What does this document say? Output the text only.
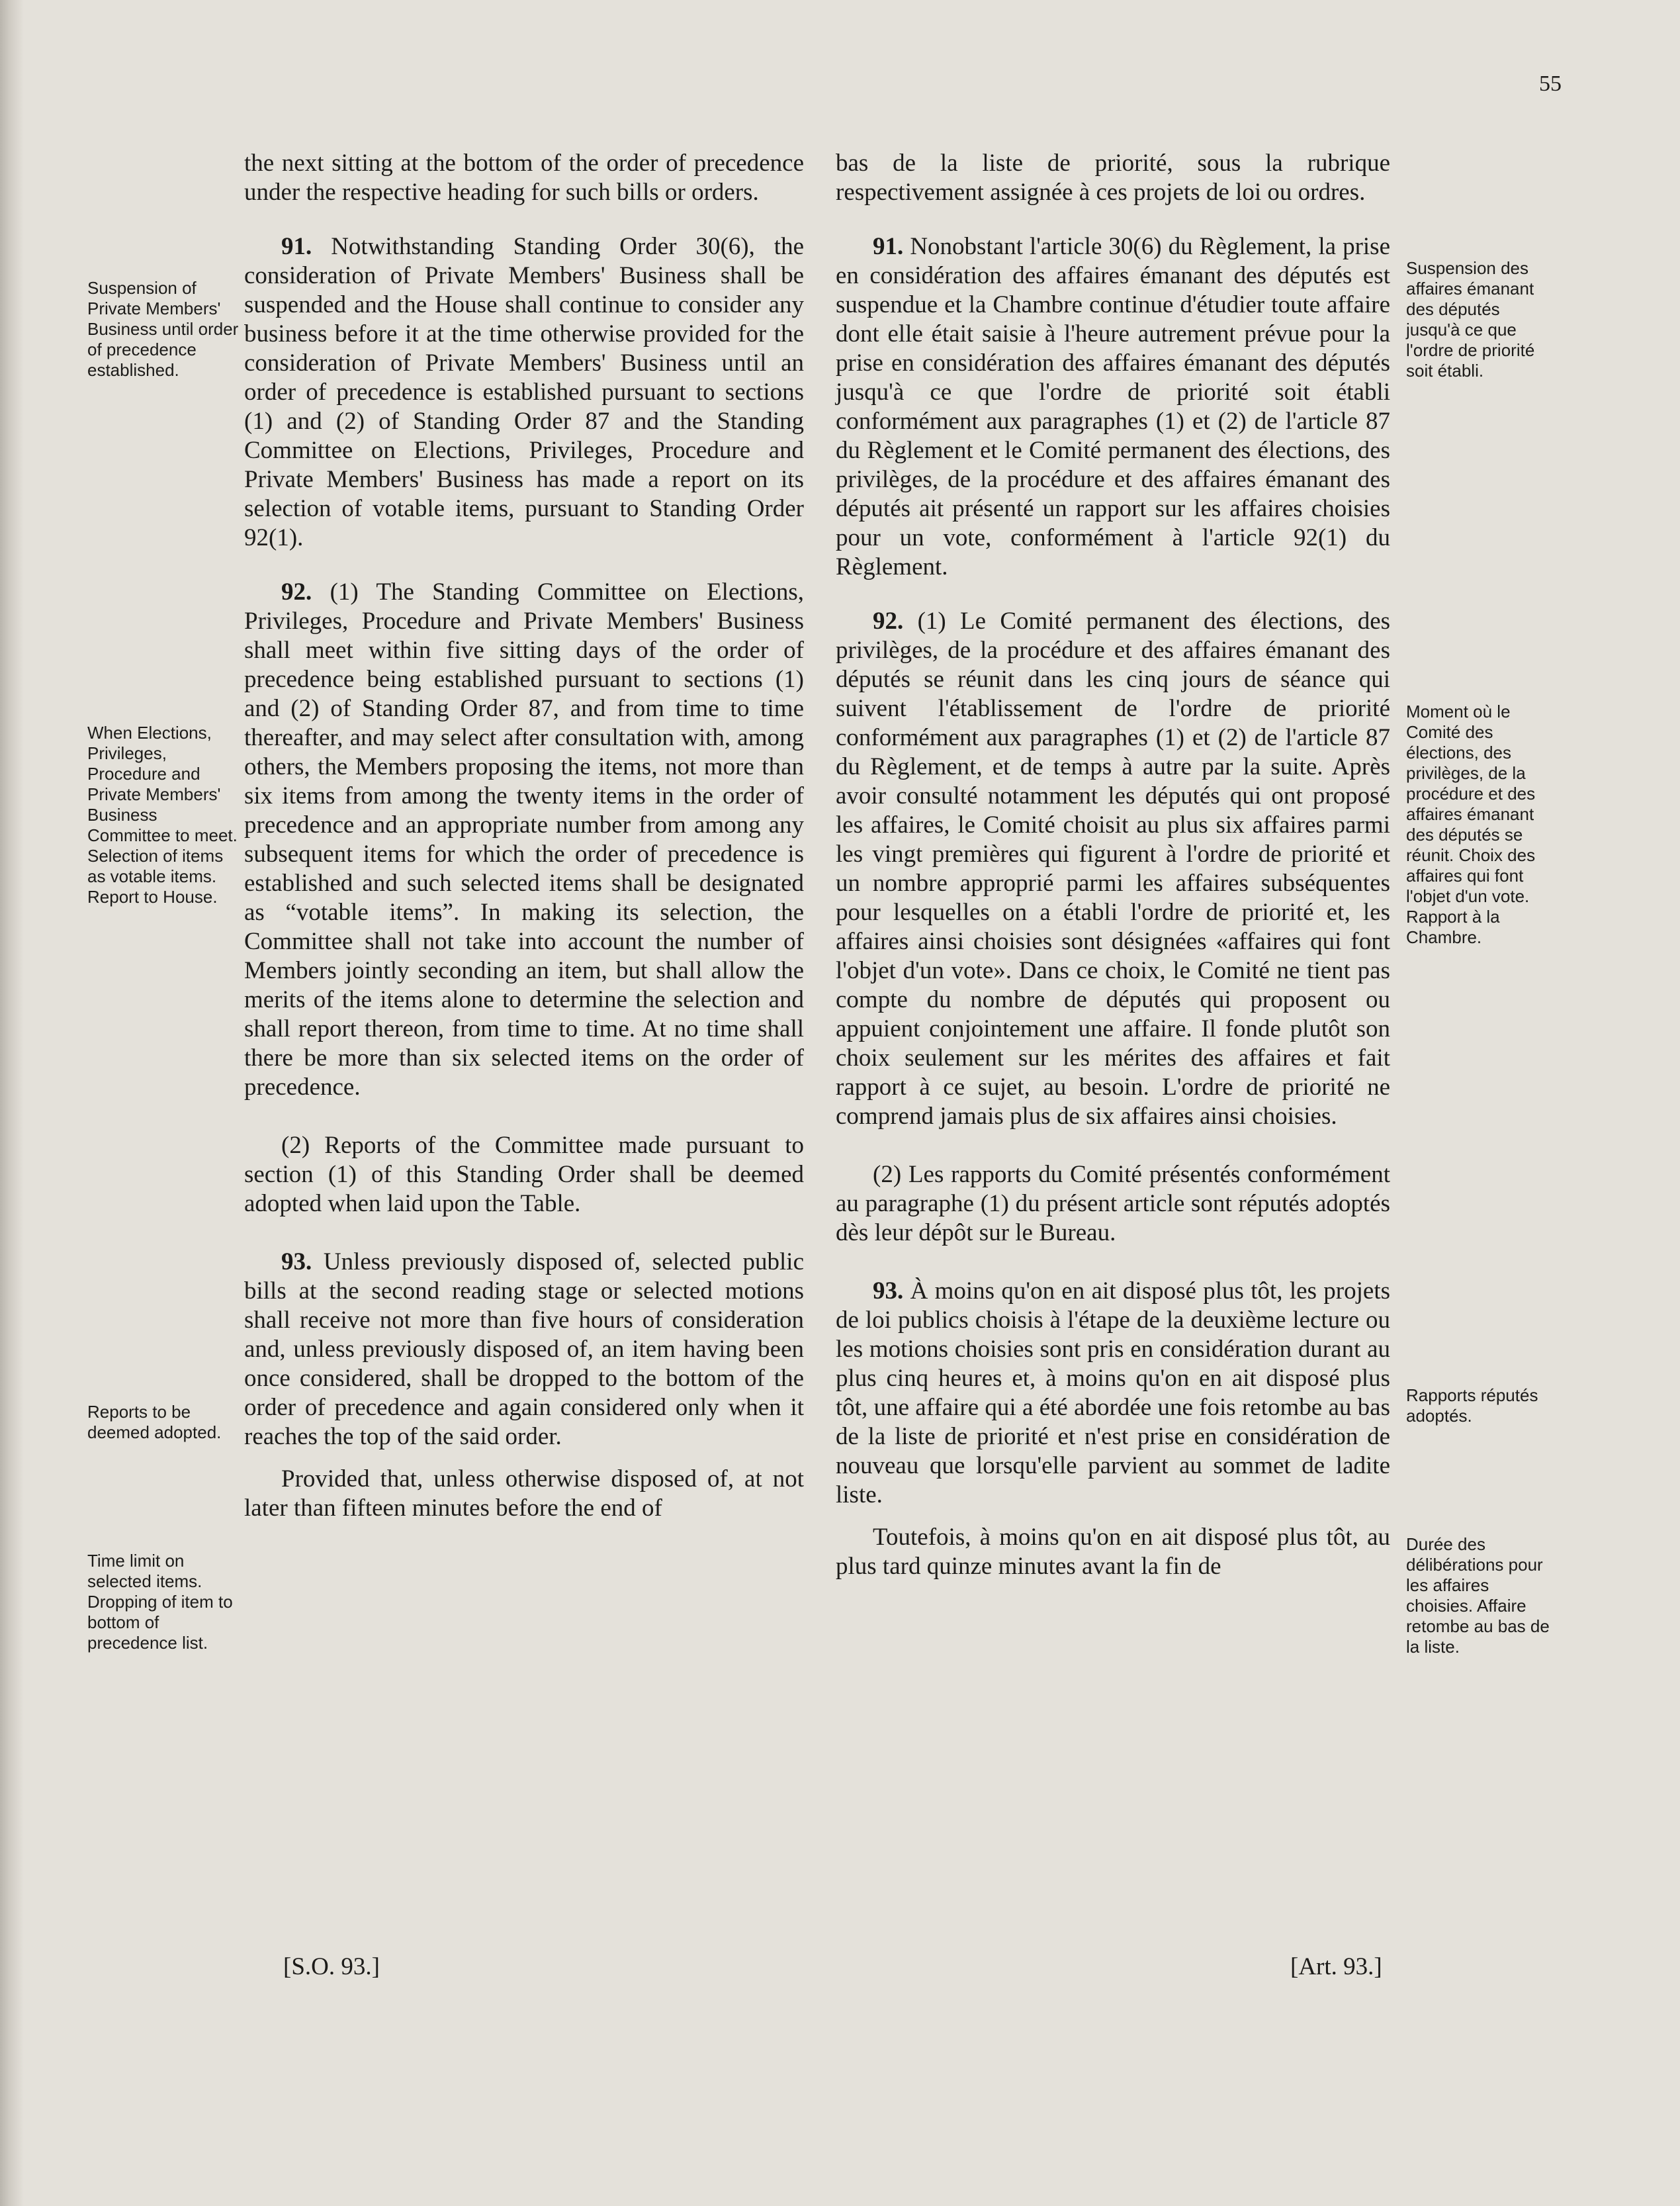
55

the next sitting at the bottom of the order of precedence under the respective heading for such bills or orders.

91. Notwithstanding Standing Order 30(6), the consideration of Private Members' Business shall be suspended and the House shall continue to consider any business before it at the time otherwise provided for the consideration of Private Members' Business until an order of precedence is established pursuant to sections (1) and (2) of Standing Order 87 and the Standing Committee on Elections, Privileges, Procedure and Private Members' Business has made a report on its selection of votable items, pursuant to Standing Order 92(1).

92. (1) The Standing Committee on Elections, Privileges, Procedure and Private Members' Business shall meet within five sitting days of the order of precedence being established pursuant to sections (1) and (2) of Standing Order 87, and from time to time thereafter, and may select after consultation with, among others, the Members proposing the items, not more than six items from among the twenty items in the order of precedence and an appropriate number from among any subsequent items for which the order of precedence is established and such selected items shall be designated as “votable items”. In making its selection, the Committee shall not take into account the number of Members jointly seconding an item, but shall allow the merits of the items alone to determine the selection and shall report thereon, from time to time. At no time shall there be more than six selected items on the order of precedence.

(2) Reports of the Committee made pursuant to section (1) of this Standing Order shall be deemed adopted when laid upon the Table.

93. Unless previously disposed of, selected public bills at the second reading stage or selected motions shall receive not more than five hours of consideration and, unless previously disposed of, an item having been once considered, shall be dropped to the bottom of the order of precedence and again considered only when it reaches the top of the said order.

Provided that, unless otherwise disposed of, at not later than fifteen minutes before the end of

bas de la liste de priorité, sous la rubrique respectivement assignée à ces projets de loi ou ordres.

91. Nonobstant l'article 30(6) du Règlement, la prise en considération des affaires émanant des députés est suspendue et la Chambre continue d'étudier toute affaire dont elle était saisie à l'heure autrement prévue pour la prise en considération des affaires émanant des députés jusqu'à ce que l'ordre de priorité soit établi conformément aux paragraphes (1) et (2) de l'article 87 du Règlement et le Comité permanent des élections, des privilèges, de la procédure et des affaires émanant des députés ait présenté un rapport sur les affaires choisies pour un vote, conformément à l'article 92(1) du Règlement.

92. (1) Le Comité permanent des élections, des privilèges, de la procédure et des affaires émanant des députés se réunit dans les cinq jours de séance qui suivent l'établissement de l'ordre de priorité conformément aux paragraphes (1) et (2) de l'article 87 du Règlement, et de temps à autre par la suite. Après avoir consulté notamment les députés qui ont proposé les affaires, le Comité choisit au plus six affaires parmi les vingt premières qui figurent à l'ordre de priorité et un nombre approprié parmi les affaires subséquentes pour lesquelles on a établi l'ordre de priorité et, les affaires ainsi choisies sont désignées «affaires qui font l'objet d'un vote». Dans ce choix, le Comité ne tient pas compte du nombre de députés qui proposent ou appuient conjointement une affaire. Il fonde plutôt son choix seulement sur les mérites des affaires et fait rapport à ce sujet, au besoin. L'ordre de priorité ne comprend jamais plus de six affaires ainsi choisies.

(2) Les rapports du Comité présentés conformément au paragraphe (1) du présent article sont réputés adoptés dès leur dépôt sur le Bureau.

93. À moins qu'on en ait disposé plus tôt, les projets de loi publics choisis à l'étape de la deuxième lecture ou les motions choisies sont pris en considération durant au plus cinq heures et, à moins qu'on en ait disposé plus tôt, une affaire qui a été abordée une fois retombe au bas de la liste de priorité et n'est prise en considération de nouveau que lorsqu'elle parvient au sommet de ladite liste.

Toutefois, à moins qu'on en ait disposé plus tôt, au plus tard quinze minutes avant la fin de

Suspension of Private Members' Business until order of precedence established.
When Elections, Privileges, Procedure and Private Members' Business Committee to meet. Selection of items as votable items. Report to House.
Reports to be deemed adopted.
Time limit on selected items. Dropping of item to bottom of precedence list.
Suspension des affaires émanant des députés jusqu'à ce que l'ordre de priorité soit établi.
Moment où le Comité des élections, des privilèges, de la procédure et des affaires émanant des députés se réunit. Choix des affaires qui font l'objet d'un vote. Rapport à la Chambre.
Rapports réputés adoptés.
Durée des délibérations pour les affaires choisies. Affaire retombe au bas de la liste.
[S.O. 93.]	[Art. 93.]
